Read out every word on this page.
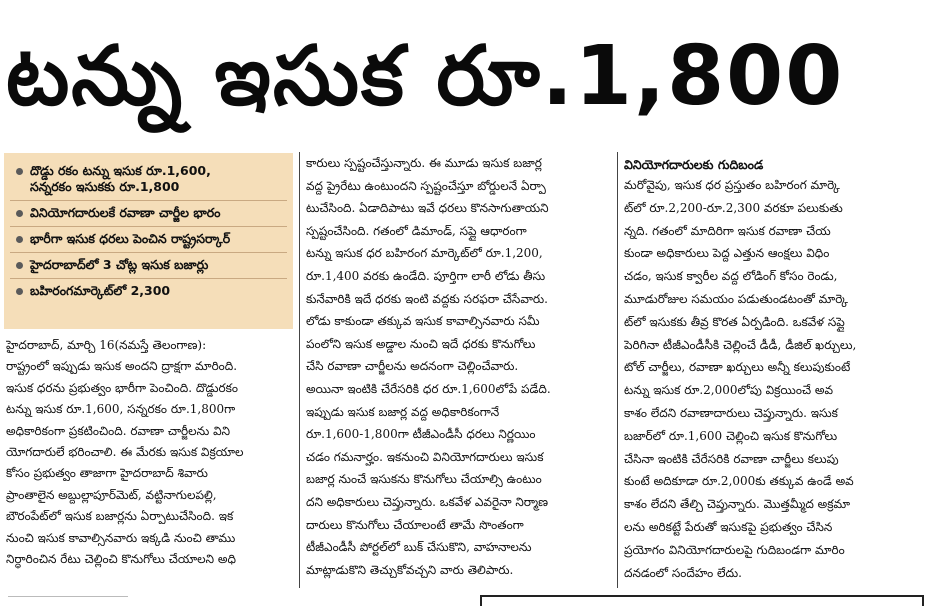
టన్ను ఇసుక రూ.1,800
దొడ్డు రకం టన్ను ఇసుక రూ.1,600,
సన్నరకం ఇసుకకు రూ.1,800
వినియోగదారులకే రవాణా చార్జీల భారం
భారీగా ఇసుక ధరలు పెంచిన రాష్ట్రసర్కార్
హైదరాబాద్‌లో 3 చోట్ల ఇసుక బజార్లు
బహిరంగమార్కెట్‌లో 2,300
హైదరాబాద్, మార్చి 16(నమస్తే తెలంగాణ):
రాష్ట్రంలో ఇప్పుడు ఇసుక అందని ద్రాక్షగా మారింది.
ఇసుక ధరను ప్రభుత్వం భారీగా పెంచింది. దొడ్డురకం
టన్ను ఇసుక రూ.1,600, సన్నరకం రూ.1,800గా
అధికారికంగా ప్రకటించింది. రవాణా చార్జీలను విని
యోగదారులే భరించాలి. ఈ మేరకు ఇసుక విక్రయాల
కోసం ప్రభుత్వం తాజాగా హైదరాబాద్ శివారు
ప్రాంతాలైన అబ్దుల్లాపూర్‌మెట్, వట్టినాగులపల్లి,
బౌరంపేట్‌లో ఇసుక బజార్లను ఏర్పాటుచేసింది. ఇక
నుంచి ఇసుక కావాల్సినవారు ఇక్కడి నుంచి తాము
నిర్ధారించిన రేటు చెల్లించి కొనుగోలు చేయాలని అధి
కారులు స్పష్టంచేస్తున్నారు. ఈ మూడు ఇసుక బజార్ల
వద్ద ప్రైరేటు ఉంటుందని స్పష్టంచేస్తూ బోర్డులనే ఏర్పా
టుచేసింది. ఏడాదిపాటు ఇవే ధరలు కొనసాగుతాయని
స్పష్టంచేసింది. గతంలో డిమాండ్, సప్లై ఆధారంగా
టన్ను ఇసుక ధర బహిరంగ మార్కెట్‌లో రూ.1,200,
రూ.1,400 వరకు ఉండేది. పూర్తిగా లారీ లోడు తీసు
కునేవారికి ఇదే ధరకు ఇంటి వద్దకు సరఫరా చేసేవారు.
లోడు కాకుండా తక్కువ ఇసుక కావాల్సినవారు సమీ
పంలోని ఇసుక అడ్డాల నుంచి ఇదే ధరకు కొనుగోలు
చేసి రవాణా చార్జీలను అదనంగా చెల్లించేవారు.
అయినా ఇంటికి చేరేసరికి ధర రూ.1,600లోపే పడేది.
ఇప్పుడు ఇసుక బజార్ల వద్ద అధికారికంగానే
రూ.1,600-1,800గా టీజీఎండీసీ ధరలు నిర్ణయిం
చడం గమనార్హం. ఇకనుంచి వినియోగదారులు ఇసుక
బజార్ల నుంచే ఇసుకను కొనుగోలు చేయాల్సి ఉంటుం
దని అధికారులు చెప్తున్నారు. ఒకవేళ ఎవరైనా నిర్మాణ
దారులు కొనుగోలు చేయాలంటే తామే సొంతంగా
టీజీఎండీసీ పోర్టల్‌లో బుక్ చేసుకొని, వాహనాలను
మాట్లాడుకొని తెచ్చుకోవచ్చని వారు తెలిపారు.
వినియోగదారులకు గుదిబండ
మరోవైపు, ఇసుక ధర ప్రస్తుతం బహిరంగ మార్కె
ట్‌లో రూ.2,200-రూ.2,300 వరకూ పలుకుతు
న్నది. గతంలో మాదిరిగా ఇసుక రవాణా చేయ
కుండా అధికారులు పెద్ద ఎత్తున ఆంక్షలు విధిం
చడం, ఇసుక క్వారీల వద్ద లోడింగ్ కోసం రెండు,
మూడురోజుల సమయం పడుతుండటంతో మార్కె
ట్‌లో ఇసుకకు తీవ్ర కొరత ఏర్పడింది. ఒకవేళ సప్లై
పెరిగినా టీజీఎండీసీకి చెల్లించే డీడీ, డీజిల్ ఖర్చులు,
టోల్ చార్జీలు, రవాణా ఖర్చులు అన్నీ కలుపుకుంటే
టన్ను ఇసుక రూ.2,000లోపు విక్రయించే అవ
కాశం లేదని రవాణాదారులు చెప్తున్నారు. ఇసుక
బజార్‌లో రూ.1,600 చెల్లించి ఇసుక కొనుగోలు
చేసినా ఇంటికి చేరేసరికి రవాణా చార్జీలు కలుపు
కుంటే అదికూడా రూ.2,000కు తక్కువ ఉండే అవ
కాశం లేదని తేల్చి చెప్తున్నారు. మొత్తమ్మీద అక్రమా
లను అరికట్టే పేరుతో ఇసుకపై ప్రభుత్వం చేసిన
ప్రయోగం వినియోగదారులపై గుదిబండగా మారిం
దనడంలో సందేహం లేదు.
